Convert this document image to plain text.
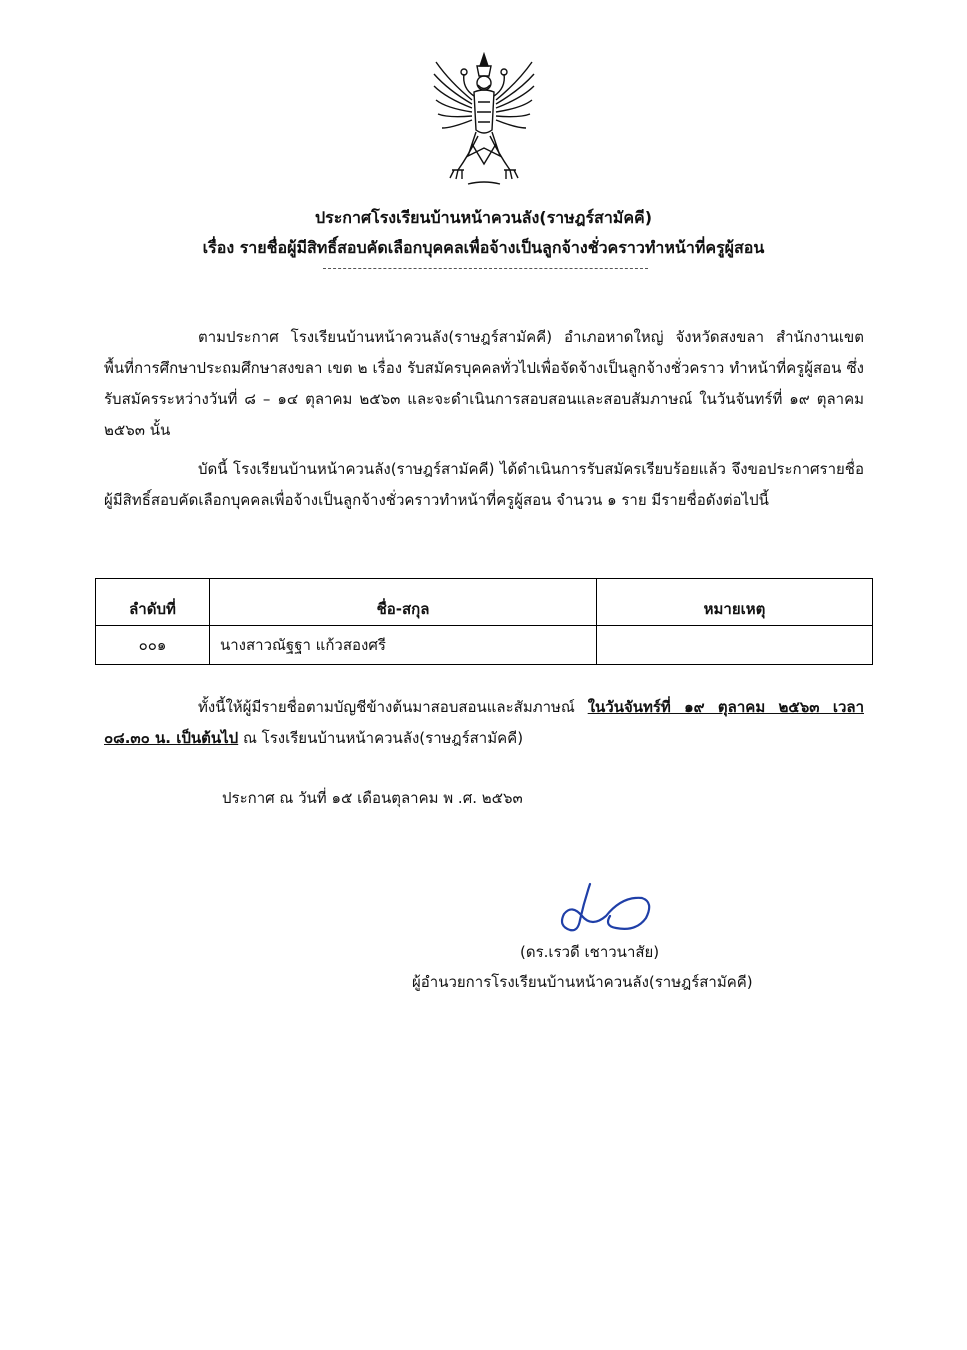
ประกาศโรงเรียนบ้านหน้าควนลัง(ราษฎร์สามัคคี)
เรื่อง รายชื่อผู้มีสิทธิ์สอบคัดเลือกบุคคลเพื่อจ้างเป็นลูกจ้างชั่วคราวทำหน้าที่ครูผู้สอน

ตามประกาศ โรงเรียนบ้านหน้าควนลัง(ราษฎร์สามัคคี) อำเภอหาดใหญ่ จังหวัดสงขลา สำนักงานเขตพื้นที่การศึกษาประถมศึกษาสงขลา เขต ๒ เรื่อง รับสมัครบุคคลทั่วไปเพื่อจัดจ้างเป็นลูกจ้างชั่วคราว ทำหน้าที่ครูผู้สอน ซึ่งรับสมัครระหว่างวันที่ ๘ – ๑๔ ตุลาคม ๒๕๖๓ และจะดำเนินการสอบสอนและสอบสัมภาษณ์ ในวันจันทร์ที่ ๑๙ ตุลาคม ๒๕๖๓ นั้น

บัดนี้ โรงเรียนบ้านหน้าควนลัง(ราษฎร์สามัคคี) ได้ดำเนินการรับสมัครเรียบร้อยแล้ว จึงขอประกาศรายชื่อผู้มีสิทธิ์สอบคัดเลือกบุคคลเพื่อจ้างเป็นลูกจ้างชั่วคราวทำหน้าที่ครูผู้สอน จำนวน ๑ ราย มีรายชื่อดังต่อไปนี้

ลำดับที่	ชื่อ-สกุล	หมายเหตุ
๐๐๑	นางสาวณัฐฐา แก้วสองศรี	

ทั้งนี้ให้ผู้มีรายชื่อตามบัญชีข้างต้นมาสอบสอนและสัมภาษณ์ ในวันจันทร์ที่ ๑๙ ตุลาคม ๒๕๖๓ เวลา ๐๘.๓๐ น. เป็นต้นไป ณ โรงเรียนบ้านหน้าควนลัง(ราษฎร์สามัคคี)

ประกาศ ณ วันที่ ๑๕ เดือนตุลาคม พ .ศ. ๒๕๖๓
(ดร.เรวดี เชาวนาสัย)
ผู้อำนวยการโรงเรียนบ้านหน้าควนลัง(ราษฎร์สามัคคี)
